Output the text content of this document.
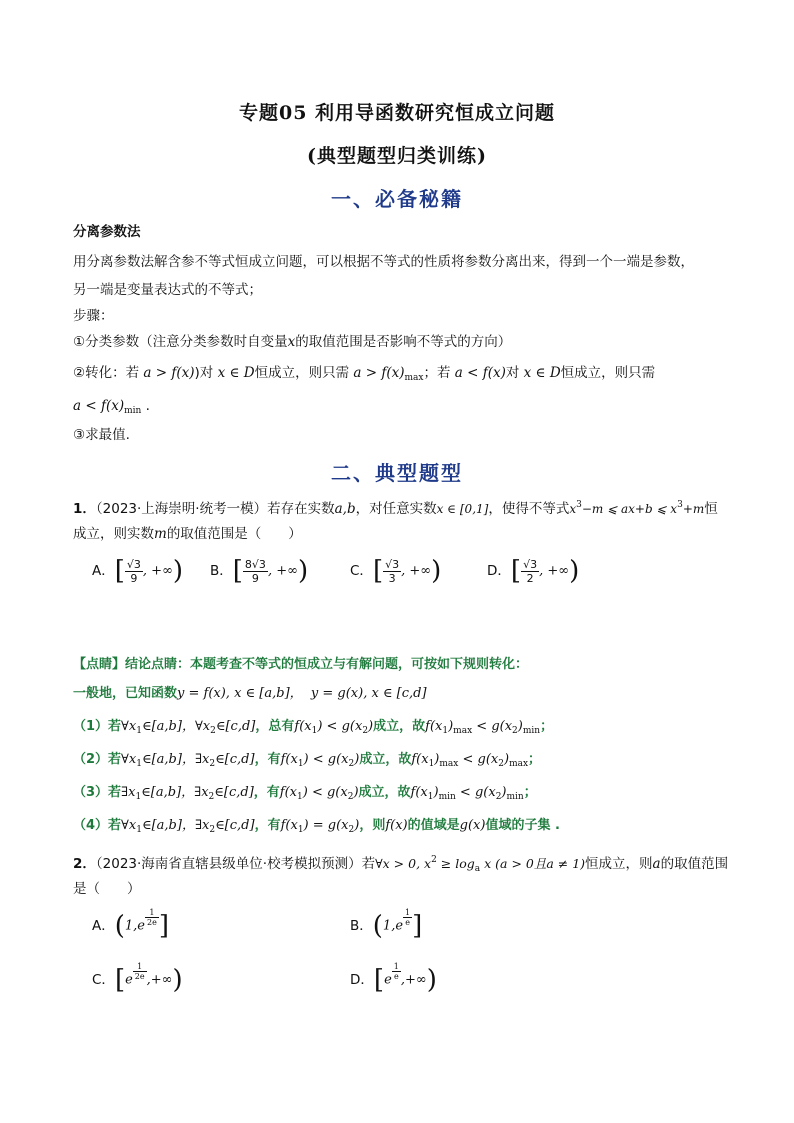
专题05 利用导函数研究恒成立问题
(典型题型归类训练)
一、必备秘籍
分离参数法
用分离参数法解含参不等式恒成立问题，可以根据不等式的性质将参数分离出来，得到一个一端是参数，
另一端是变量表达式的不等式；
步骤：
①分类参数（注意分类参数时自变量x的取值范围是否影响不等式的方向）
②转化：若 a > f(x))对 x ∈ D恒成立，则只需 $a > f(x)_{max}$；若 a < f(x)对 x ∈ D恒成立，则只需
$a < f(x)_{min}$ .
③求最值.
二、典型题型
1．（2023·上海崇明·统考一模）若存在实数a,b，对任意实数x ∈ [0,1]，使得不等式$x^3-m$ ⩽ ax+b ⩽ $x^3+m$恒
成立，则实数m的取值范围是（　　）
A．[ $\frac{√3}{9}$ , +∞) B．[ $\frac{8√3}{9}$ , +∞)	C．[ $\frac{√3}{3}$ , +∞)	D．[ $\frac{√3}{2}$ , +∞)
【点睛】结论点睛：本题考查不等式的恒成立与有解问题，可按如下规则转化：
一般地，已知函数y = f(x), x ∈ [a,b]，  y = g(x), x ∈ [c,d]
（1）若$\forall x_1\in[a,b]$，$\forall x_2\in[c,d]$，总有$f(x_1) < g(x_2)$成立，故$f(x_1)_{max} < g(x_2)_{min}$；
（2）若$\forall x_1\in[a,b]$，$\exists x_2\in[c,d]$，有$f(x_1) < g(x_2)$成立，故$f(x_1)_{max} < g(x_2)_{max}$；
（3）若$\exists x_1\in[a,b]$，$\exists x_2\in[c,d]$，有$f(x_1) < g(x_2)$成立，故$f(x_1)_{min} < g(x_2)_{min}$；
（4）若$\forall x_1\in[a,b]$，$\exists x_2\in[c,d]$，有$f(x_1) = g(x_2)$，则f(x)的值域是g(x)值域的子集 .
2．（2023·海南省直辖县级单位·校考模拟预测）若∀x > 0, $x^2 \ge \log_a x$ (a > 0且a ≠ 1)恒成立，则a的取值范围
是（　　）
A．(1,e $^{\frac{1}{2e}}$ ]	B．(1,e $^{\frac{1}{e}}$ ]
C．[e $^{\frac{1}{2e}}$ ,+∞)	D．[e $^{\frac{1}{e}}$ ,+∞)
